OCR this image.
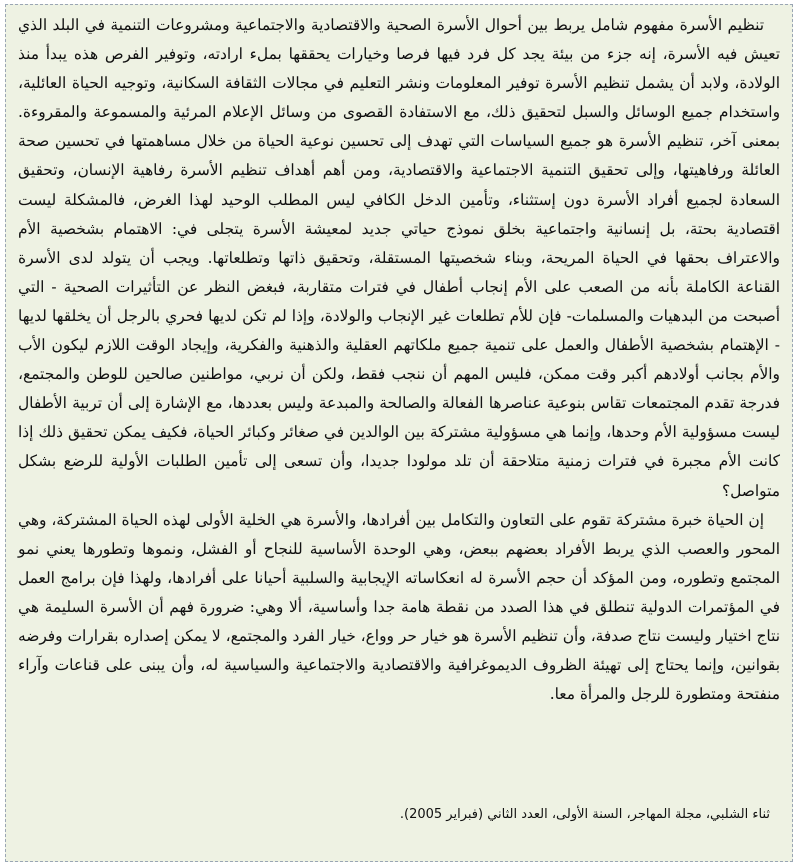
تنظيم الأسرة مفهوم شامل يربط بين أحوال الأسرة الصحية والاقتصادية والاجتماعية ومشروعات التنمية في البلد الذي تعيش فيه الأسرة، إنه جزء من بيئة يجد كل فرد فيها فرصا وخيارات يحققها بملء ارادته، وتوفير الفرص هذه يبدأ منذ الولادة، ولابد أن يشمل تنظيم الأسرة توفير المعلومات ونشر التعليم في مجالات الثقافة السكانية، وتوجيه الحياة العائلية، واستخدام جميع الوسائل والسبل لتحقيق ذلك، مع الاستفادة القصوى من وسائل الإعلام المرئية والمسموعة والمقروءة. بمعنى آخر، تنظيم الأسرة هو جميع السياسات التي تهدف إلى تحسين نوعية الحياة من خلال مساهمتها في تحسين صحة العائلة ورفاهيتها، وإلى تحقيق التنمية الاجتماعية والاقتصادية، ومن أهم أهداف تنظيم الأسرة رفاهية الإنسان، وتحقيق السعادة لجميع أفراد الأسرة دون إستثناء، وتأمين الدخل الكافي ليس المطلب الوحيد لهذا الغرض، فالمشكلة ليست اقتصادية بحتة، بل إنسانية واجتماعية بخلق نموذج حياتي جديد لمعيشة الأسرة يتجلى في: الاهتمام بشخصية الأم والاعتراف بحقها في الحياة المريحة، وبناء شخصيتها المستقلة، وتحقيق ذاتها وتطلعاتها. ويجب أن يتولد لدى الأسرة القناعة الكاملة بأنه من الصعب على الأم إنجاب أطفال في فترات متقاربة، فبغض النظر عن التأثيرات الصحية - التي أصبحت من البدهيات والمسلمات- فإن للأم تطلعات غير الإنجاب والولادة، وإذا لم تكن لديها فحري بالرجل أن يخلقها لديها - الإهتمام بشخصية الأطفال والعمل على تنمية جميع ملكاتهم العقلية والذهنية والفكرية، وإيجاد الوقت اللازم ليكون الأب والأم بجانب أولادهم أكبر وقت ممكن، فليس المهم أن ننجب فقط، ولكن أن نربي، مواطنين صالحين للوطن والمجتمع، فدرجة تقدم المجتمعات تقاس بنوعية عناصرها الفعالة والصالحة والمبدعة وليس بعددها، مع الإشارة إلى أن تربية الأطفال ليست مسؤولية الأم وحدها، وإنما هي مسؤولية مشتركة بين الوالدين في صغائر وكبائر الحياة، فكيف يمكن تحقيق ذلك إذا كانت الأم مجبرة في فترات زمنية متلاحقة أن تلد مولودا جديدا، وأن تسعى إلى تأمين الطلبات الأولية للرضع بشكل متواصل؟

إن الحياة خبرة مشتركة تقوم على التعاون والتكامل بين أفرادها، والأسرة هي الخلية الأولى لهذه الحياة المشتركة، وهي المحور والعصب الذي يربط الأفراد بعضهم ببعض، وهي الوحدة الأساسية للنجاح أو الفشل، ونموها وتطورها يعني نمو المجتمع وتطوره، ومن المؤكد أن حجم الأسرة له انعكاساته الإيجابية والسلبية أحيانا على أفرادها، ولهذا فإن برامج العمل في المؤتمرات الدولية تنطلق في هذا الصدد من نقطة هامة جدا وأساسية، ألا وهي: ضرورة فهم أن الأسرة السليمة هي نتاج اختيار وليست نتاج صدفة، وأن تنظيم الأسرة هو خيار حر وواع، خيار الفرد والمجتمع، لا يمكن إصداره بقرارات وفرضه بقوانين، وإنما يحتاج إلى تهيئة الظروف الديموغرافية والاقتصادية والاجتماعية والسياسية له، وأن يبنى على قناعات وآراء منفتحة ومتطورة للرجل والمرأة معا.

ثناء الشلبي، مجلة المهاجر، السنة الأولى، العدد الثاني (فبراير 2005).
